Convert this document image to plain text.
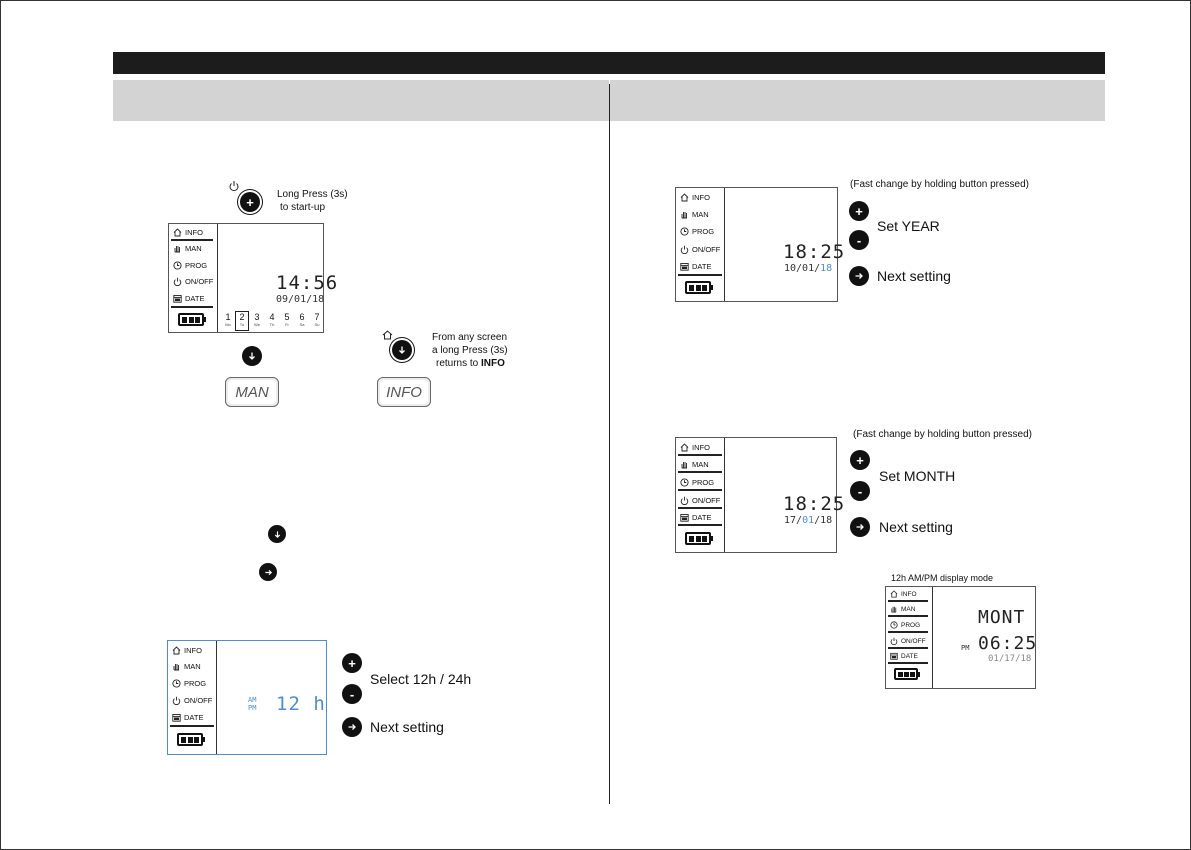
+	Long Press (3s)
to start-up
INFO
MAN
PROG
ON/OFF
DATE
14:56
09/01/18
1
Mo
2
Tu
3
We
4
Th
5
Fr
6
Sa
7
Su
From any screen
a long Press (3s)
returns to INFO
MAN	INFO
INFO
MAN
PROG
ON/OFF
DATE
AM
PM 12 h
+
-
Select 12h / 24h
Next setting
INFO
MAN
PROG
ON/OFF
DATE
18:25
10/01/18
(Fast change by holding button pressed)
+
-
Set YEAR
Next setting
INFO
MAN
PROG
ON/OFF
DATE
18:25
17/01/18
(Fast change by holding button pressed)
+
-
Set MONTH
Next setting
12h AM/PM display mode
INFO
MAN
PROG
ON/OFF
DATE
MONT
PM 06:25
01/17/18
